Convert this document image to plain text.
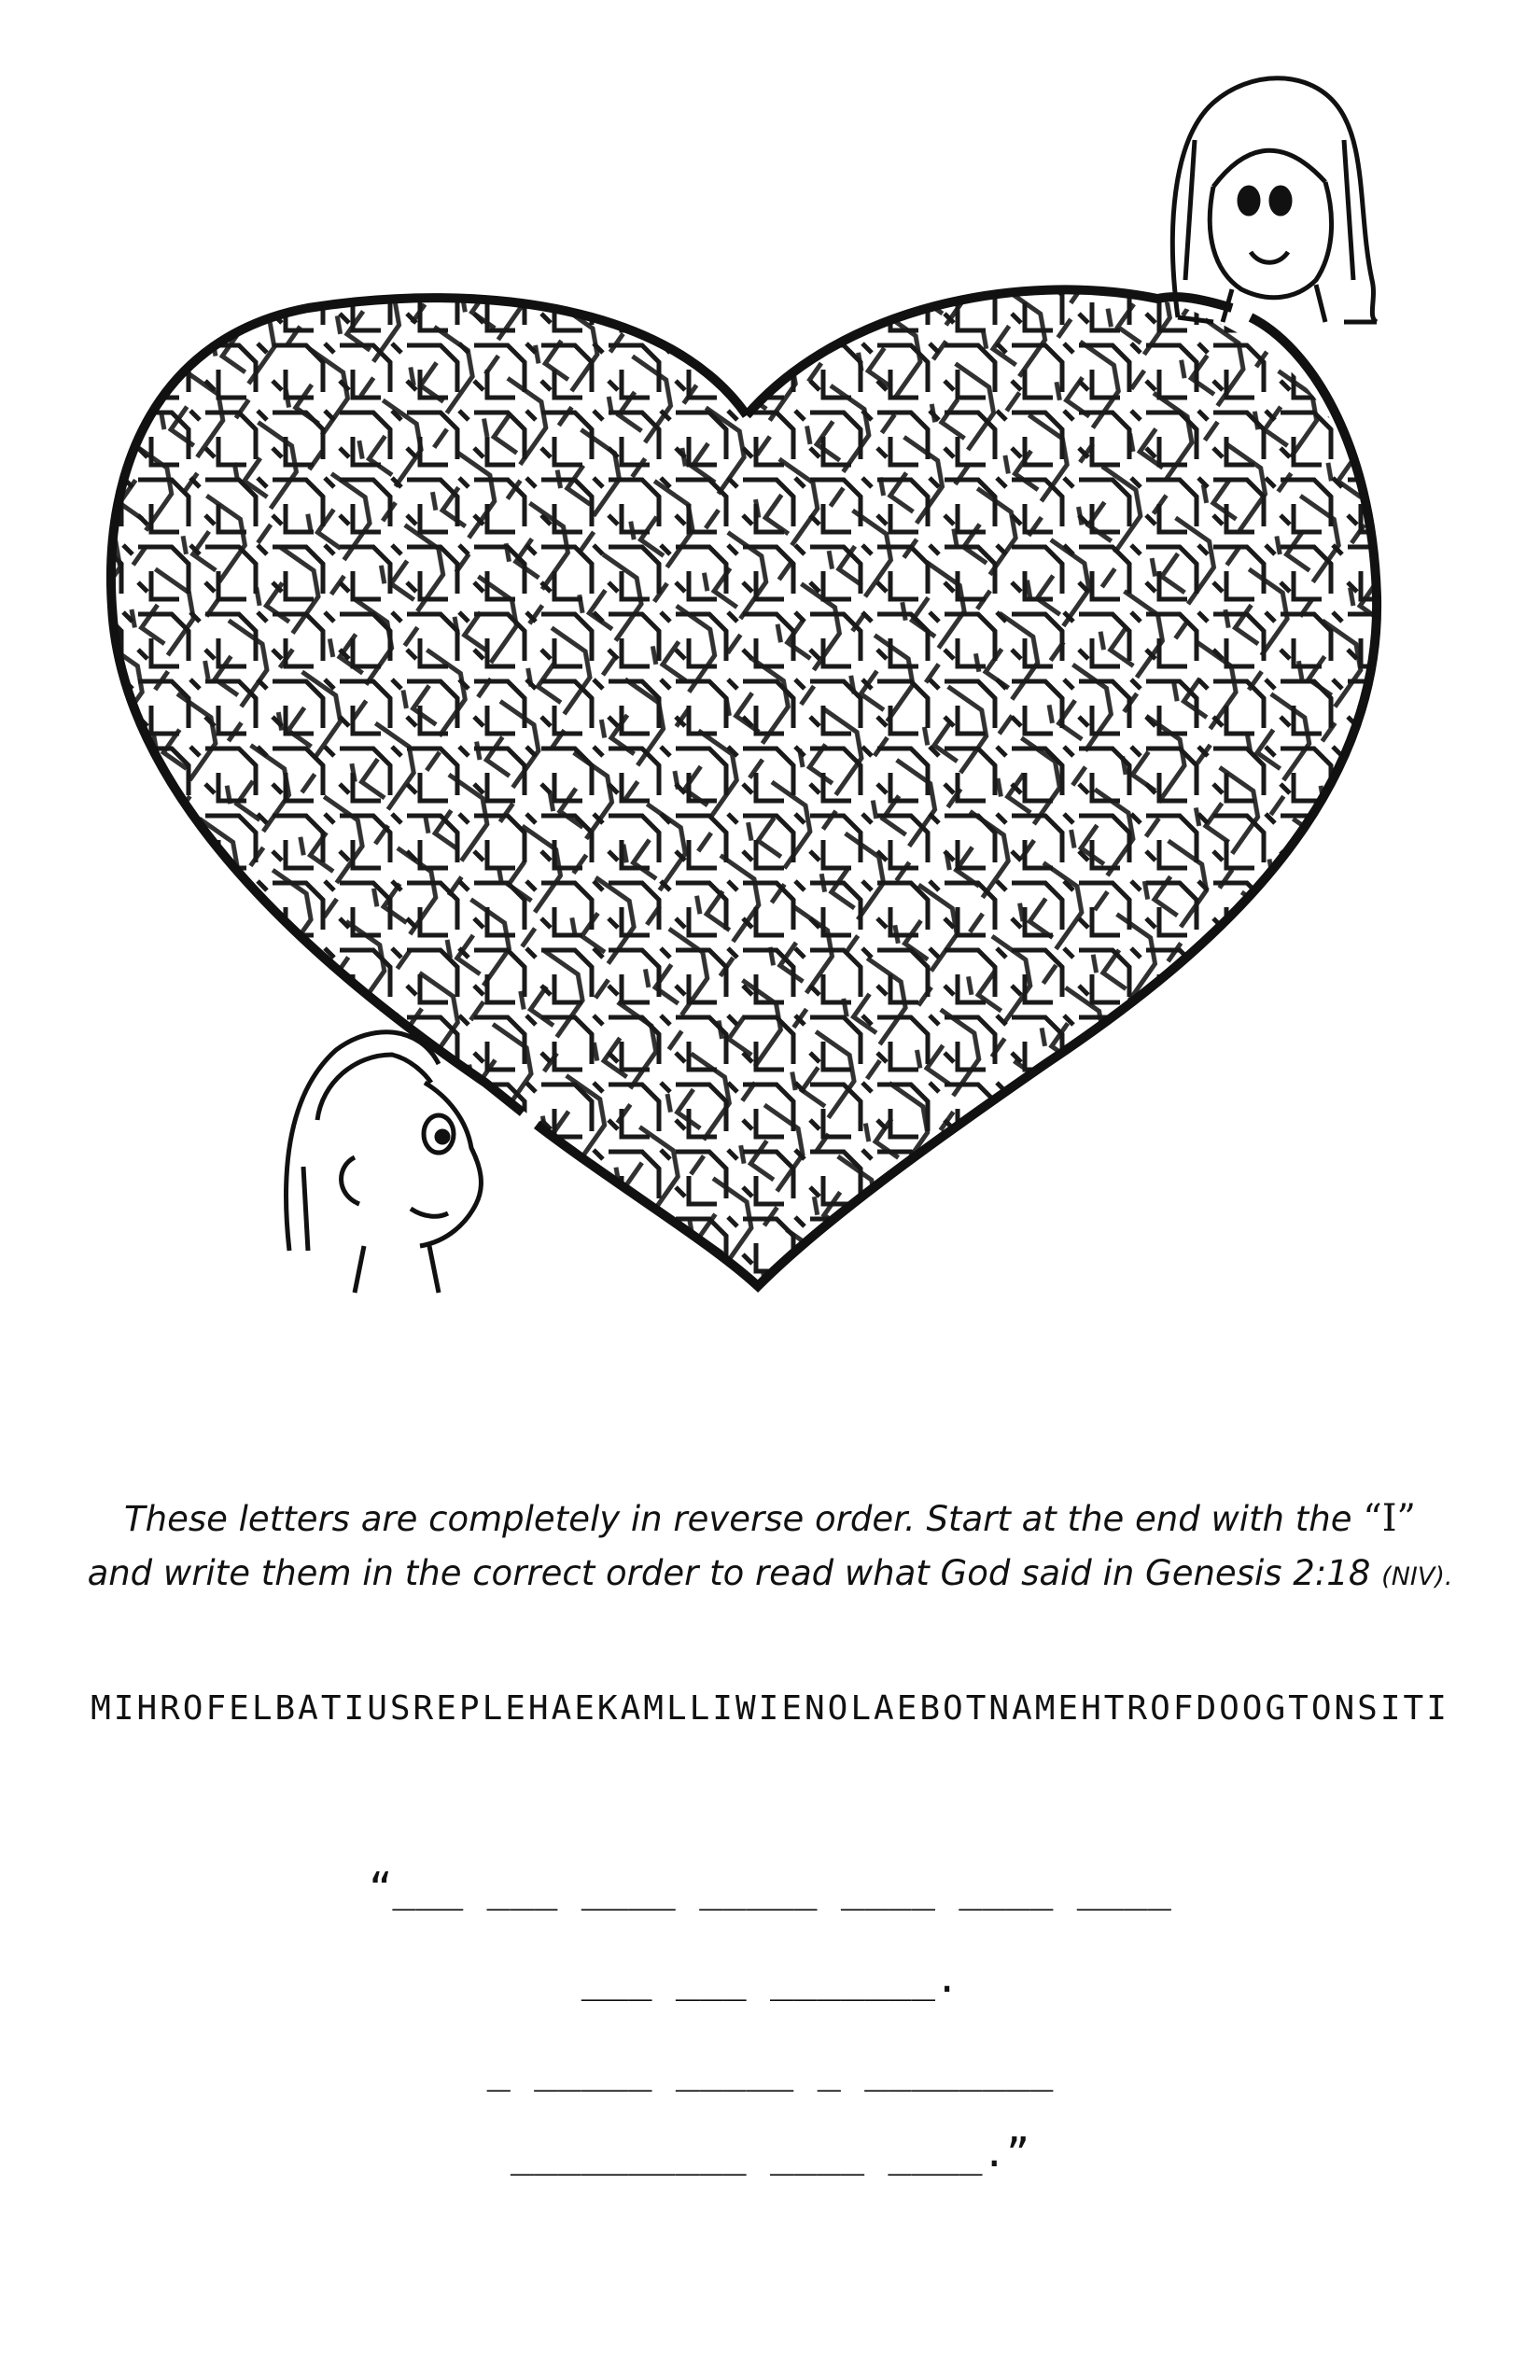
These letters are completely in reverse order. Start at the end with the “I”
and write them in the correct order to read what God said in Genesis 2:18 (NIV).
MIHROFELBATIUSREPLEHAEKAMLLIWIENOLAEBOTNAMEHTROFDOOGTONSITI
“___ ___ ____ _____ ____ ____ ____
___ ___ _______.
_ _____ _____ _ ________
__________ ____ ____.”
